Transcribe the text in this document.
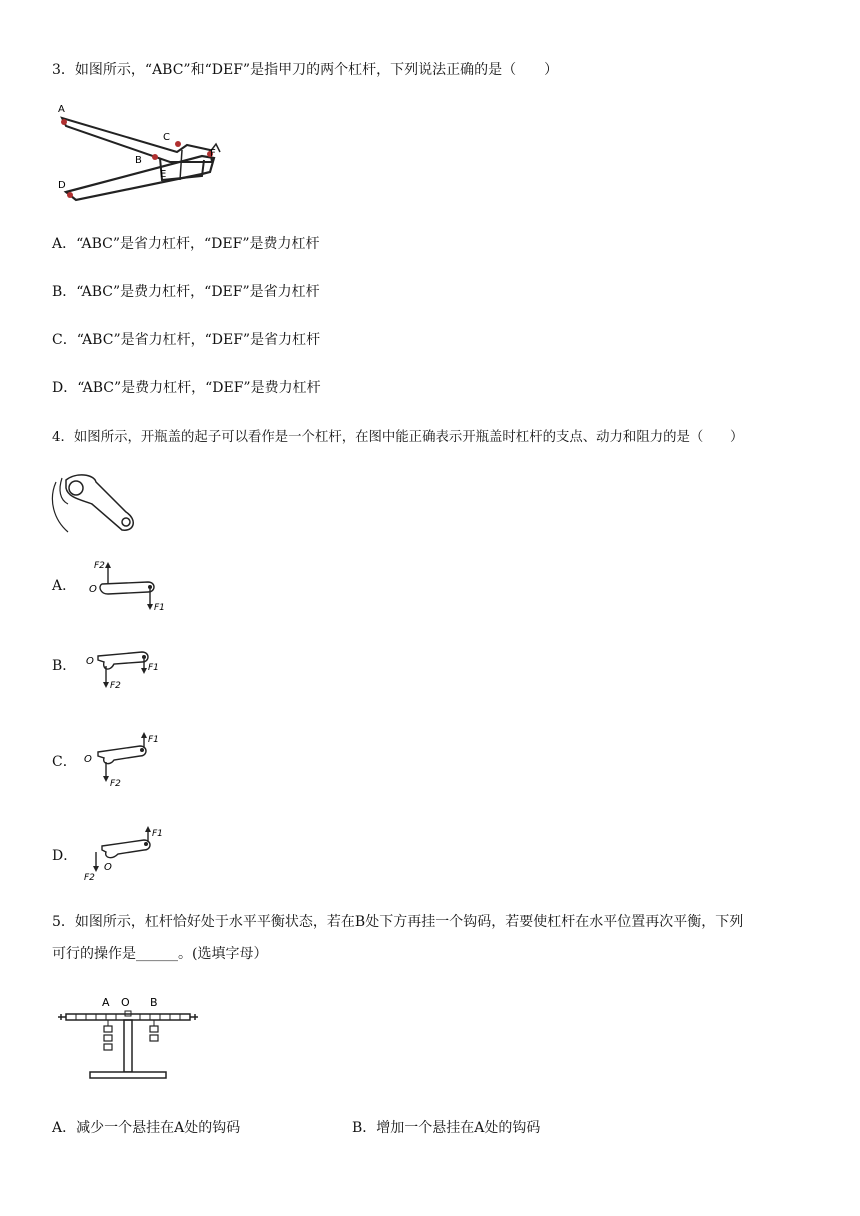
3．如图所示，“ABC”和“DEF”是指甲刀的两个杠杆，下列说法正确的是（　　）
A
B
C
D
E
F
A．“ABC”是省力杠杆，“DEF”是费力杠杆
B．“ABC”是费力杠杆，“DEF”是省力杠杆
C．“ABC”是省力杠杆，“DEF”是省力杠杆
D．“ABC”是费力杠杆，“DEF”是费力杠杆
4．如图所示，开瓶盖的起子可以看作是一个杠杆，在图中能正确表示开瓶盖时杠杆的支点、动力和阻力的是（　　）
A． O
F2
F1
B． O
F2
F1
C． O
F1
F2
D．
O
F1
F2
5．如图所示，杠杆恰好处于水平平衡状态，若在B处下方再挂一个钩码，若要使杠杆在水平位置再次平衡，下列
可行的操作是______。(选填字母）
A O B
A．减少一个悬挂在A处的钩码	B．增加一个悬挂在A处的钩码
